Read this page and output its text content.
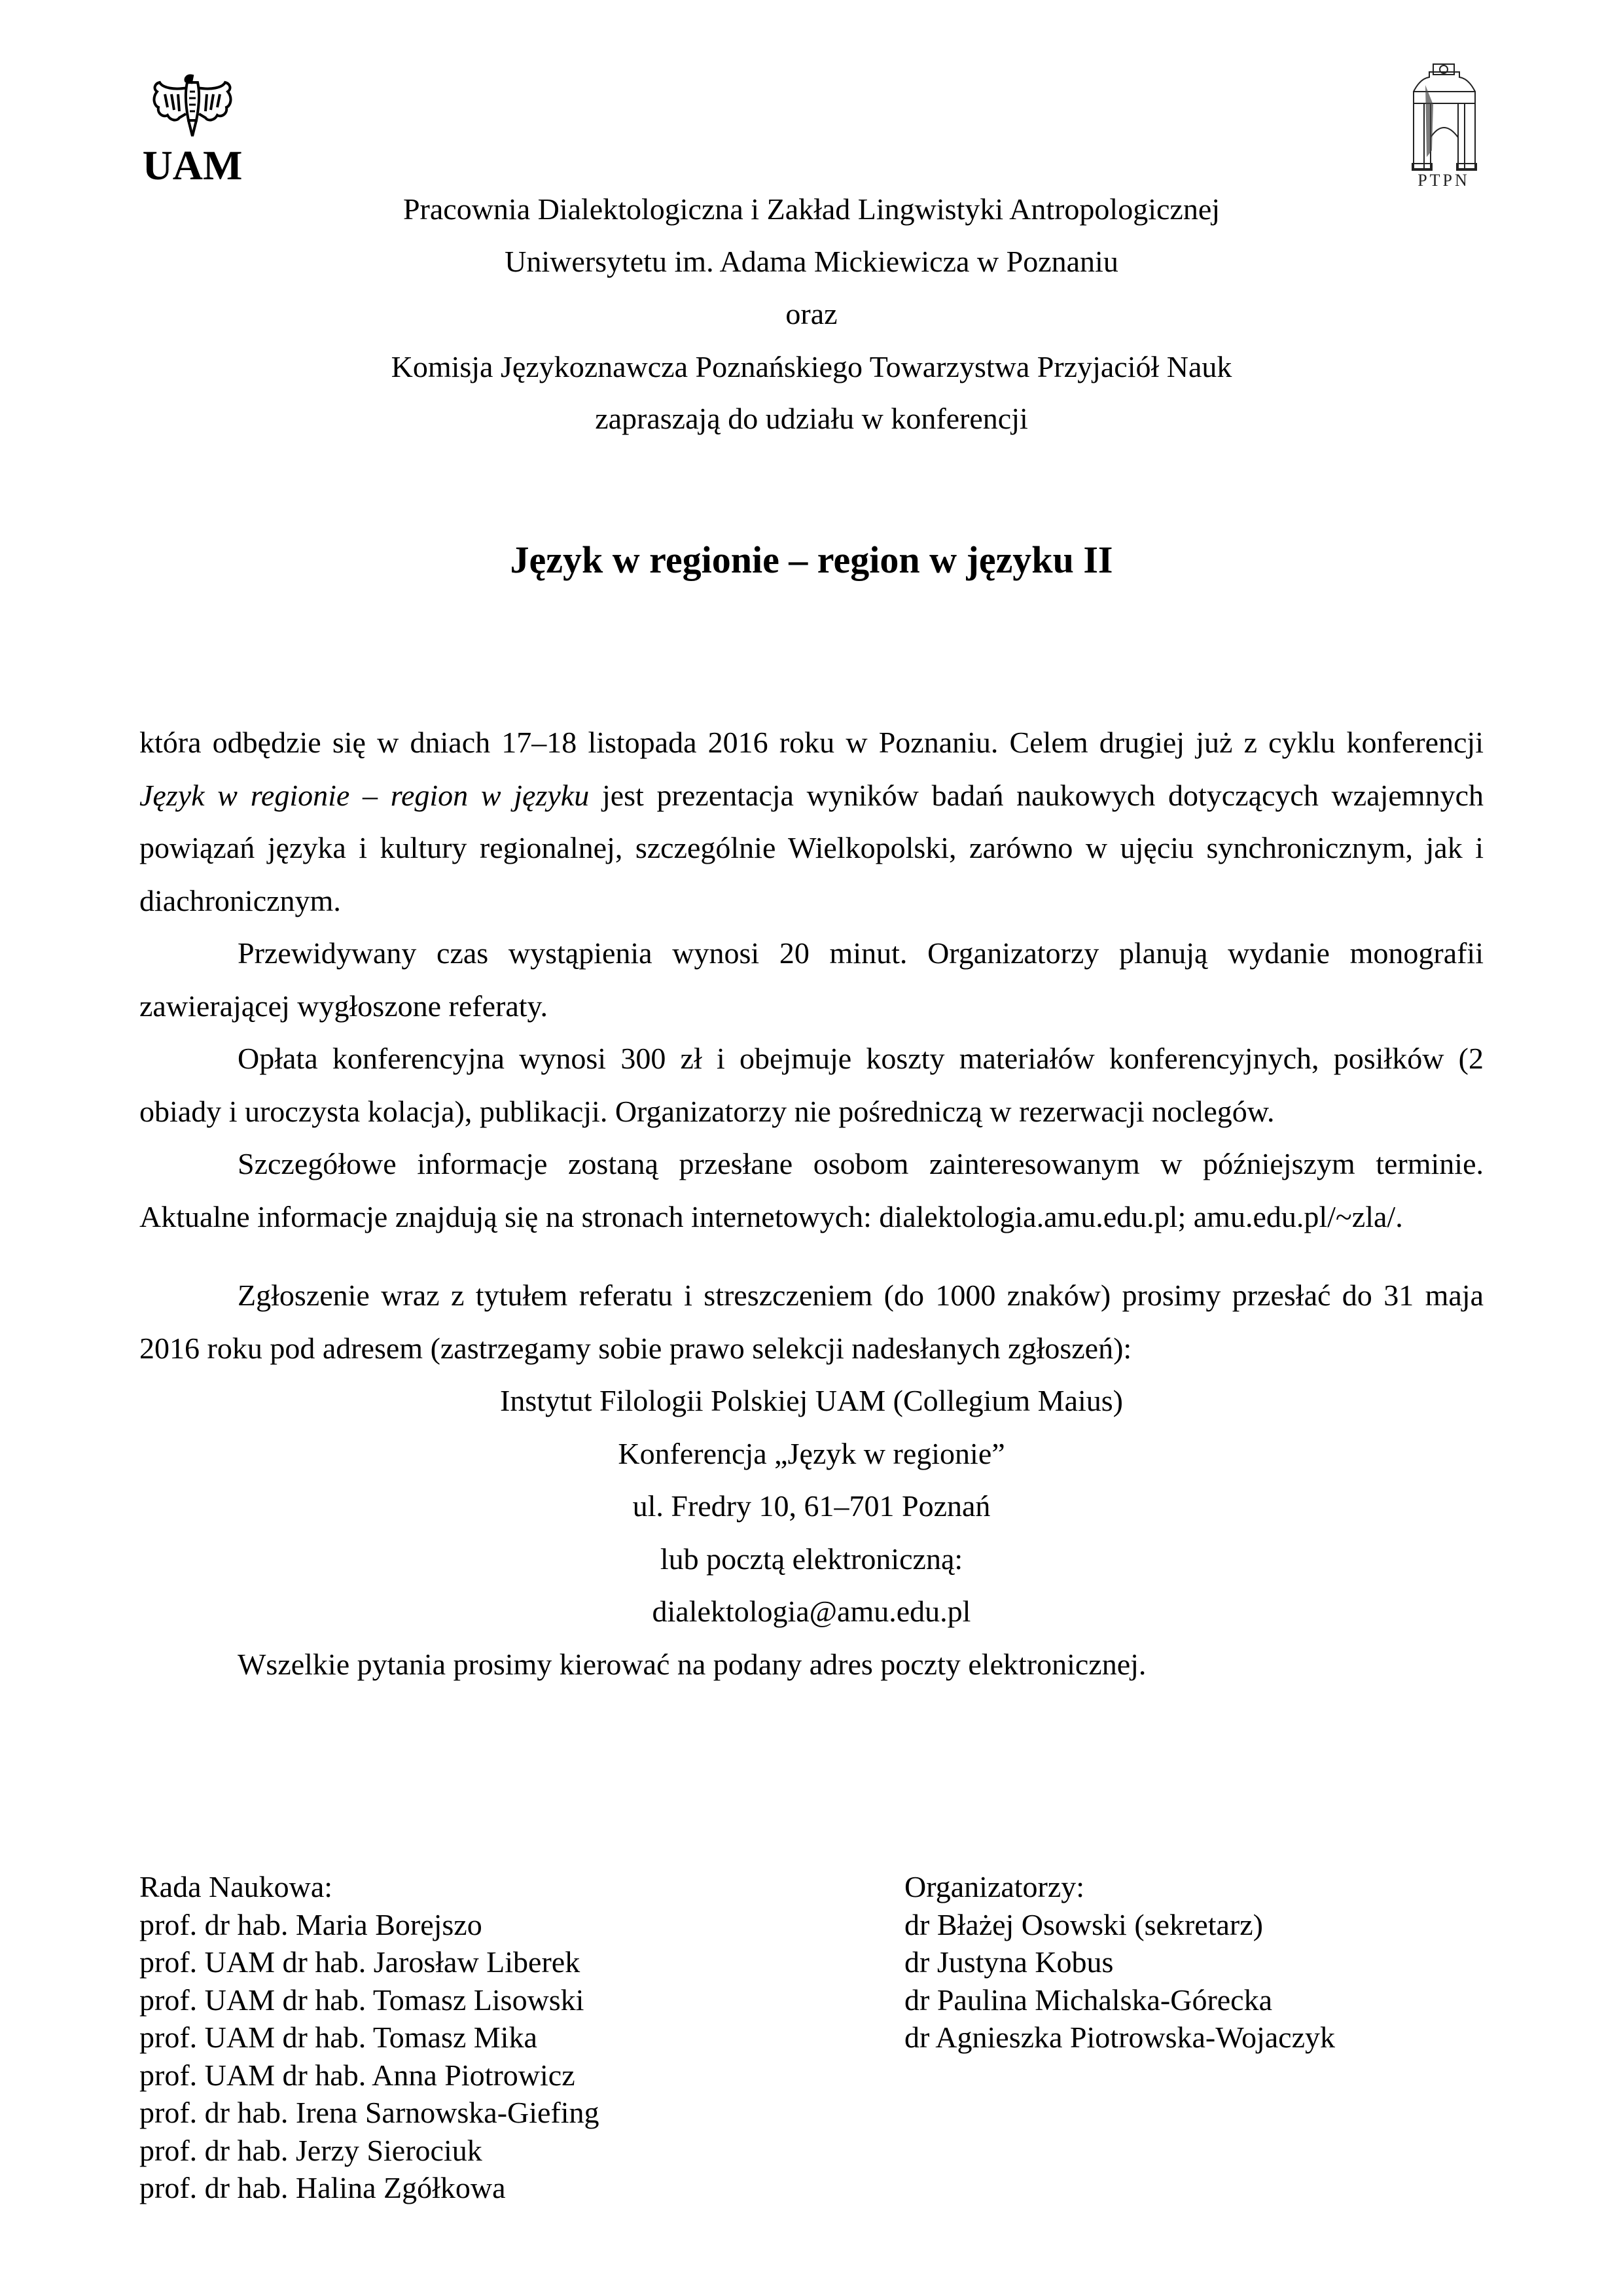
UAM	PTPN
Pracownia Dialektologiczna i Zakład Lingwistyki Antropologicznej
Uniwersytetu im. Adama Mickiewicza w Poznaniu
oraz
Komisja Językoznawcza Poznańskiego Towarzystwa Przyjaciół Nauk
zapraszają do udziału w konferencji
Język w regionie – region w języku II

która odbędzie się w dniach 17–18 listopada 2016 roku w Poznaniu. Celem drugiej już z cyklu konferencji Język w regionie – region w języku jest prezentacja wyników badań naukowych dotyczących wzajemnych powiązań języka i kultury regionalnej, szczególnie Wielkopolski, zarówno w ujęciu synchronicznym, jak i diachronicznym.

Przewidywany czas wystąpienia wynosi 20 minut. Organizatorzy planują wydanie monografii zawierającej wygłoszone referaty.

Opłata konferencyjna wynosi 300 zł i obejmuje koszty materiałów konferencyjnych, posiłków (2 obiady i uroczysta kolacja), publikacji. Organizatorzy nie pośredniczą w rezerwacji noclegów.

Szczegółowe informacje zostaną przesłane osobom zainteresowanym w późniejszym terminie. Aktualne informacje znajdują się na stronach internetowych: dialektologia.amu.edu.pl; amu.edu.pl/~zla/.

Zgłoszenie wraz z tytułem referatu i streszczeniem (do 1000 znaków) prosimy przesłać do 31 maja 2016 roku pod adresem (zastrzegamy sobie prawo selekcji nadesłanych zgłoszeń):

Instytut Filologii Polskiej UAM (Collegium Maius)

Konferencja „Język w regionie”

ul. Fredry 10, 61–701 Poznań

lub pocztą elektroniczną:

dialektologia@amu.edu.pl

Wszelkie pytania prosimy kierować na podany adres poczty elektronicznej.

Rada Naukowa:
prof. dr hab. Maria Borejszo
prof. UAM dr hab. Jarosław Liberek
prof. UAM dr hab. Tomasz Lisowski
prof. UAM dr hab. Tomasz Mika
prof. UAM dr hab. Anna Piotrowicz
prof. dr hab. Irena Sarnowska-Giefing
prof. dr hab. Jerzy Sierociuk
prof. dr hab. Halina Zgółkowa
Organizatorzy:
dr Błażej Osowski (sekretarz)
dr Justyna Kobus
dr Paulina Michalska-Górecka
dr Agnieszka Piotrowska-Wojaczyk
